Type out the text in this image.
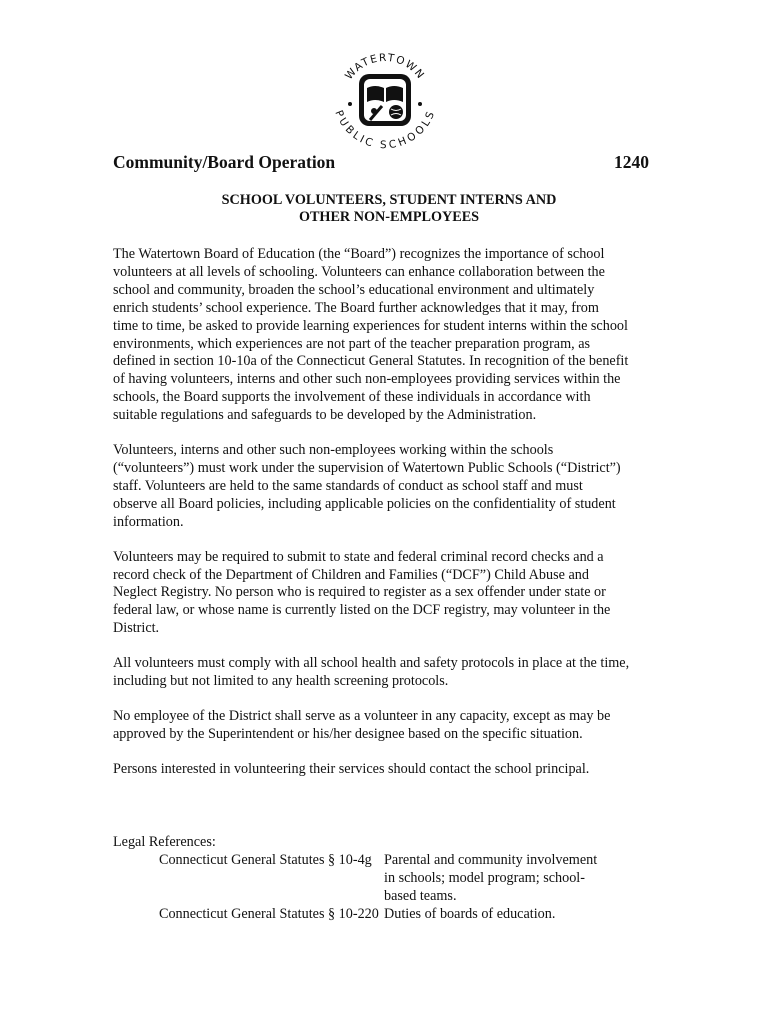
WATERTOWN
PUBLIC SCHOOLS
Community/Board Operation	1240
SCHOOL VOLUNTEERS, STUDENT INTERNS AND
OTHER NON-EMPLOYEES

The Watertown Board of Education (the “Board”) recognizes the importance of school
volunteers at all levels of schooling. Volunteers can enhance collaboration between the
school and community, broaden the school’s educational environment and ultimately
enrich students’ school experience. The Board further acknowledges that it may, from
time to time, be asked to provide learning experiences for student interns within the school
environments, which experiences are not part of the teacher preparation program, as
defined in section 10-10a of the Connecticut General Statutes. In recognition of the benefit
of having volunteers, interns and other such non-employees providing services within the
schools, the Board supports the involvement of these individuals in accordance with
suitable regulations and safeguards to be developed by the Administration.

Volunteers, interns and other such non-employees working within the schools
(“volunteers”) must work under the supervision of Watertown Public Schools (“District”)
staff. Volunteers are held to the same standards of conduct as school staff and must
observe all Board policies, including applicable policies on the confidentiality of student
information.

Volunteers may be required to submit to state and federal criminal record checks and a
record check of the Department of Children and Families (“DCF”) Child Abuse and
Neglect Registry. No person who is required to register as a sex offender under state or
federal law, or whose name is currently listed on the DCF registry, may volunteer in the
District.

All volunteers must comply with all school health and safety protocols in place at the time,
including but not limited to any health screening protocols.

No employee of the District shall serve as a volunteer in any capacity, except as may be
approved by the Superintendent or his/her designee based on the specific situation.

Persons interested in volunteering their services should contact the school principal.

Legal References:
Connecticut General Statutes § 10-4g Parental and community involvement
in schools; model program; school-
based teams.
Connecticut General Statutes § 10-220 Duties of boards of education.
